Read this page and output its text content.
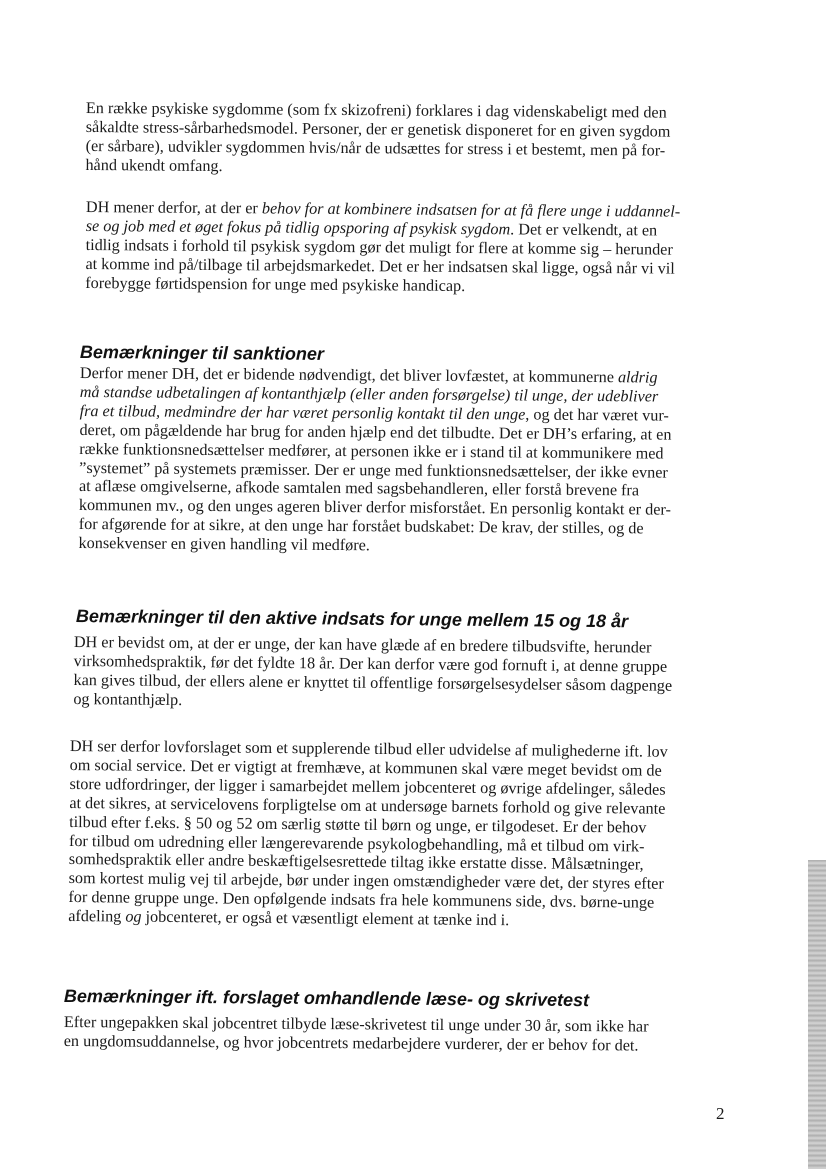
En række psykiske sygdomme (som fx skizofreni) forklares i dag videnskabeligt med den
såkaldte stress-sårbarhedsmodel. Personer, der er genetisk disponeret for en given sygdom
(er sårbare), udvikler sygdommen hvis/når de udsættes for stress i et bestemt, men på for-
hånd ukendt omfang.

DH mener derfor, at der er behov for at kombinere indsatsen for at få flere unge i uddannel-
se og job med et øget fokus på tidlig opsporing af psykisk sygdom. Det er velkendt, at en
tidlig indsats i forhold til psykisk sygdom gør det muligt for flere at komme sig – herunder
at komme ind på/tilbage til arbejdsmarkedet. Det er her indsatsen skal ligge, også når vi vil
forebygge førtidspension for unge med psykiske handicap.

Bemærkninger til sanktioner

Derfor mener DH, det er bidende nødvendigt, det bliver lovfæstet, at kommunerne aldrig
må standse udbetalingen af kontanthjælp (eller anden forsørgelse) til unge, der udebliver
fra et tilbud, medmindre der har været personlig kontakt til den unge, og det har været vur-
deret, om pågældende har brug for anden hjælp end det tilbudte. Det er DH’s erfaring, at en
række funktionsnedsættelser medfører, at personen ikke er i stand til at kommunikere med
”systemet” på systemets præmisser. Der er unge med funktionsnedsættelser, der ikke evner
at aflæse omgivelserne, afkode samtalen med sagsbehandleren, eller forstå brevene fra
kommunen mv., og den unges ageren bliver derfor misforstået. En personlig kontakt er der-
for afgørende for at sikre, at den unge har forstået budskabet: De krav, der stilles, og de
konsekvenser en given handling vil medføre.

Bemærkninger til den aktive indsats for unge mellem 15 og 18 år

DH er bevidst om, at der er unge, der kan have glæde af en bredere tilbudsvifte, herunder
virksomhedspraktik, før det fyldte 18 år. Der kan derfor være god fornuft i, at denne gruppe
kan gives tilbud, der ellers alene er knyttet til offentlige forsørgelsesydelser såsom dagpenge
og kontanthjælp.

DH ser derfor lovforslaget som et supplerende tilbud eller udvidelse af mulighederne ift. lov
om social service. Det er vigtigt at fremhæve, at kommunen skal være meget bevidst om de
store udfordringer, der ligger i samarbejdet mellem jobcenteret og øvrige afdelinger, således
at det sikres, at servicelovens forpligtelse om at undersøge barnets forhold og give relevante
tilbud efter f.eks. § 50 og 52 om særlig støtte til børn og unge, er tilgodeset. Er der behov
for tilbud om udredning eller længerevarende psykologbehandling, må et tilbud om virk-
somhedspraktik eller andre beskæftigelsesrettede tiltag ikke erstatte disse. Målsætninger,
som kortest mulig vej til arbejde, bør under ingen omstændigheder være det, der styres efter
for denne gruppe unge. Den opfølgende indsats fra hele kommunens side, dvs. børne-unge
afdeling og jobcenteret, er også et væsentligt element at tænke ind i.

Bemærkninger ift. forslaget omhandlende læse- og skrivetest

Efter ungepakken skal jobcentret tilbyde læse-skrivetest til unge under 30 år, som ikke har
en ungdomsuddannelse, og hvor jobcentrets medarbejdere vurderer, der er behov for det.

2
